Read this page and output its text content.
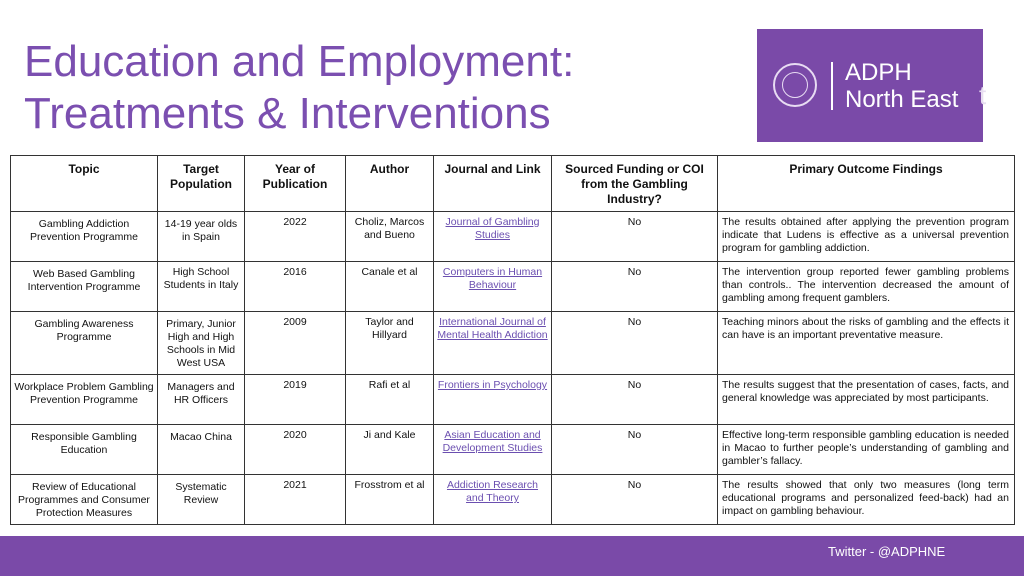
Education and Employment:
Treatments & Interventions
ADPH
North East t
Topic	Target Population	Year of Publication	Author	Journal and Link	Sourced Funding or COI from the Gambling Industry?	Primary Outcome Findings
Gambling Addiction Prevention Programme	14-19 year olds in Spain	2022	Choliz, Marcos and Bueno	Journal of Gambling Studies	No	The results obtained after applying the prevention program indicate that Ludens is effective as a universal prevention program for gambling addiction.
Web Based Gambling Intervention Programme	High School Students in Italy	2016	Canale et al	Computers in Human Behaviour	No	The intervention group reported fewer gambling problems than controls.. The intervention decreased the amount of gambling among frequent gamblers.
Gambling Awareness Programme	Primary, Junior High and High Schools in Mid West USA	2009	Taylor and Hillyard	International Journal of Mental Health Addiction	No	Teaching minors about the risks of gambling and the effects it can have is an important preventative measure.
Workplace Problem Gambling Prevention Programme	Managers and HR Officers	2019	Rafi et al	Frontiers in Psychology	No	The results suggest that the presentation of cases, facts, and general knowledge was appreciated by most participants.
Responsible Gambling Education	Macao China	2020	Ji and Kale	Asian Education and Development Studies	No	Effective long-term responsible gambling education is needed in Macao to further people’s understanding of gambling and gambler’s fallacy.
Review of Educational Programmes and Consumer Protection Measures	Systematic Review	2021	Frosstrom et al	Addiction Research and Theory	No	The results showed that only two measures (long term educational programs and personalized feed-back) had an impact on gambling behaviour.
Twitter - @ADPHNE
